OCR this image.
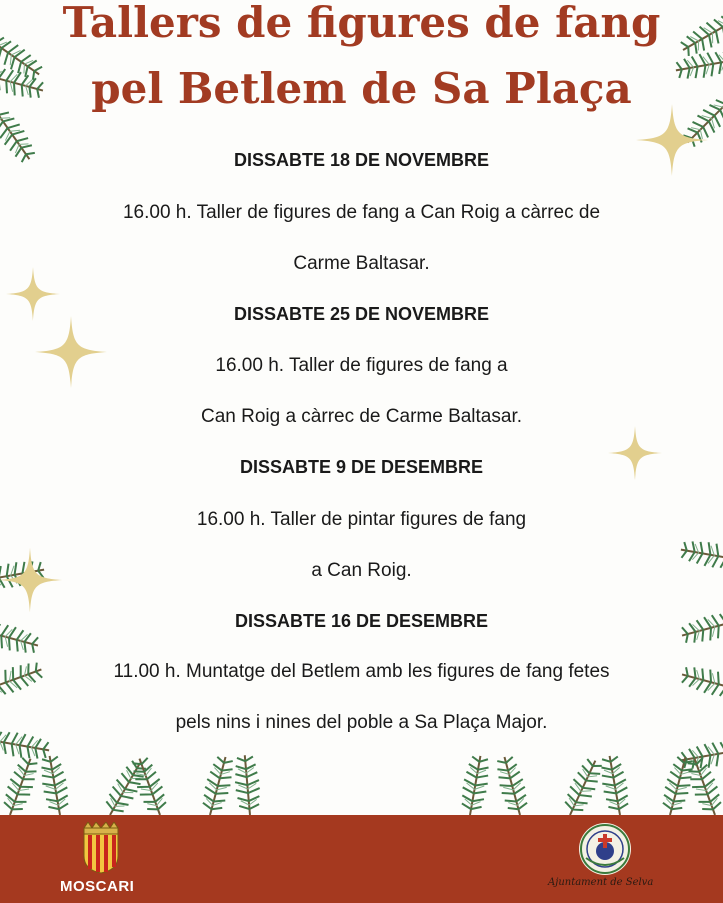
Tallers de figures de fang
pel Betlem de Sa Plaça
DISSABTE 18 DE NOVEMBRE
16.00 h. Taller de figures de fang a Can Roig a càrrec de
Carme Baltasar.
DISSABTE 25 DE NOVEMBRE
16.00 h. Taller de figures de fang a
Can Roig a càrrec de Carme Baltasar.
DISSABTE 9 DE DESEMBRE
16.00 h. Taller de pintar figures de fang
a Can Roig.
DISSABTE 16 DE DESEMBRE
11.00 h. Muntatge del Betlem amb les figures de fang fetes
pels nins i nines del poble a Sa Plaça Major.
MOSCARI	Ajuntament de Selva
